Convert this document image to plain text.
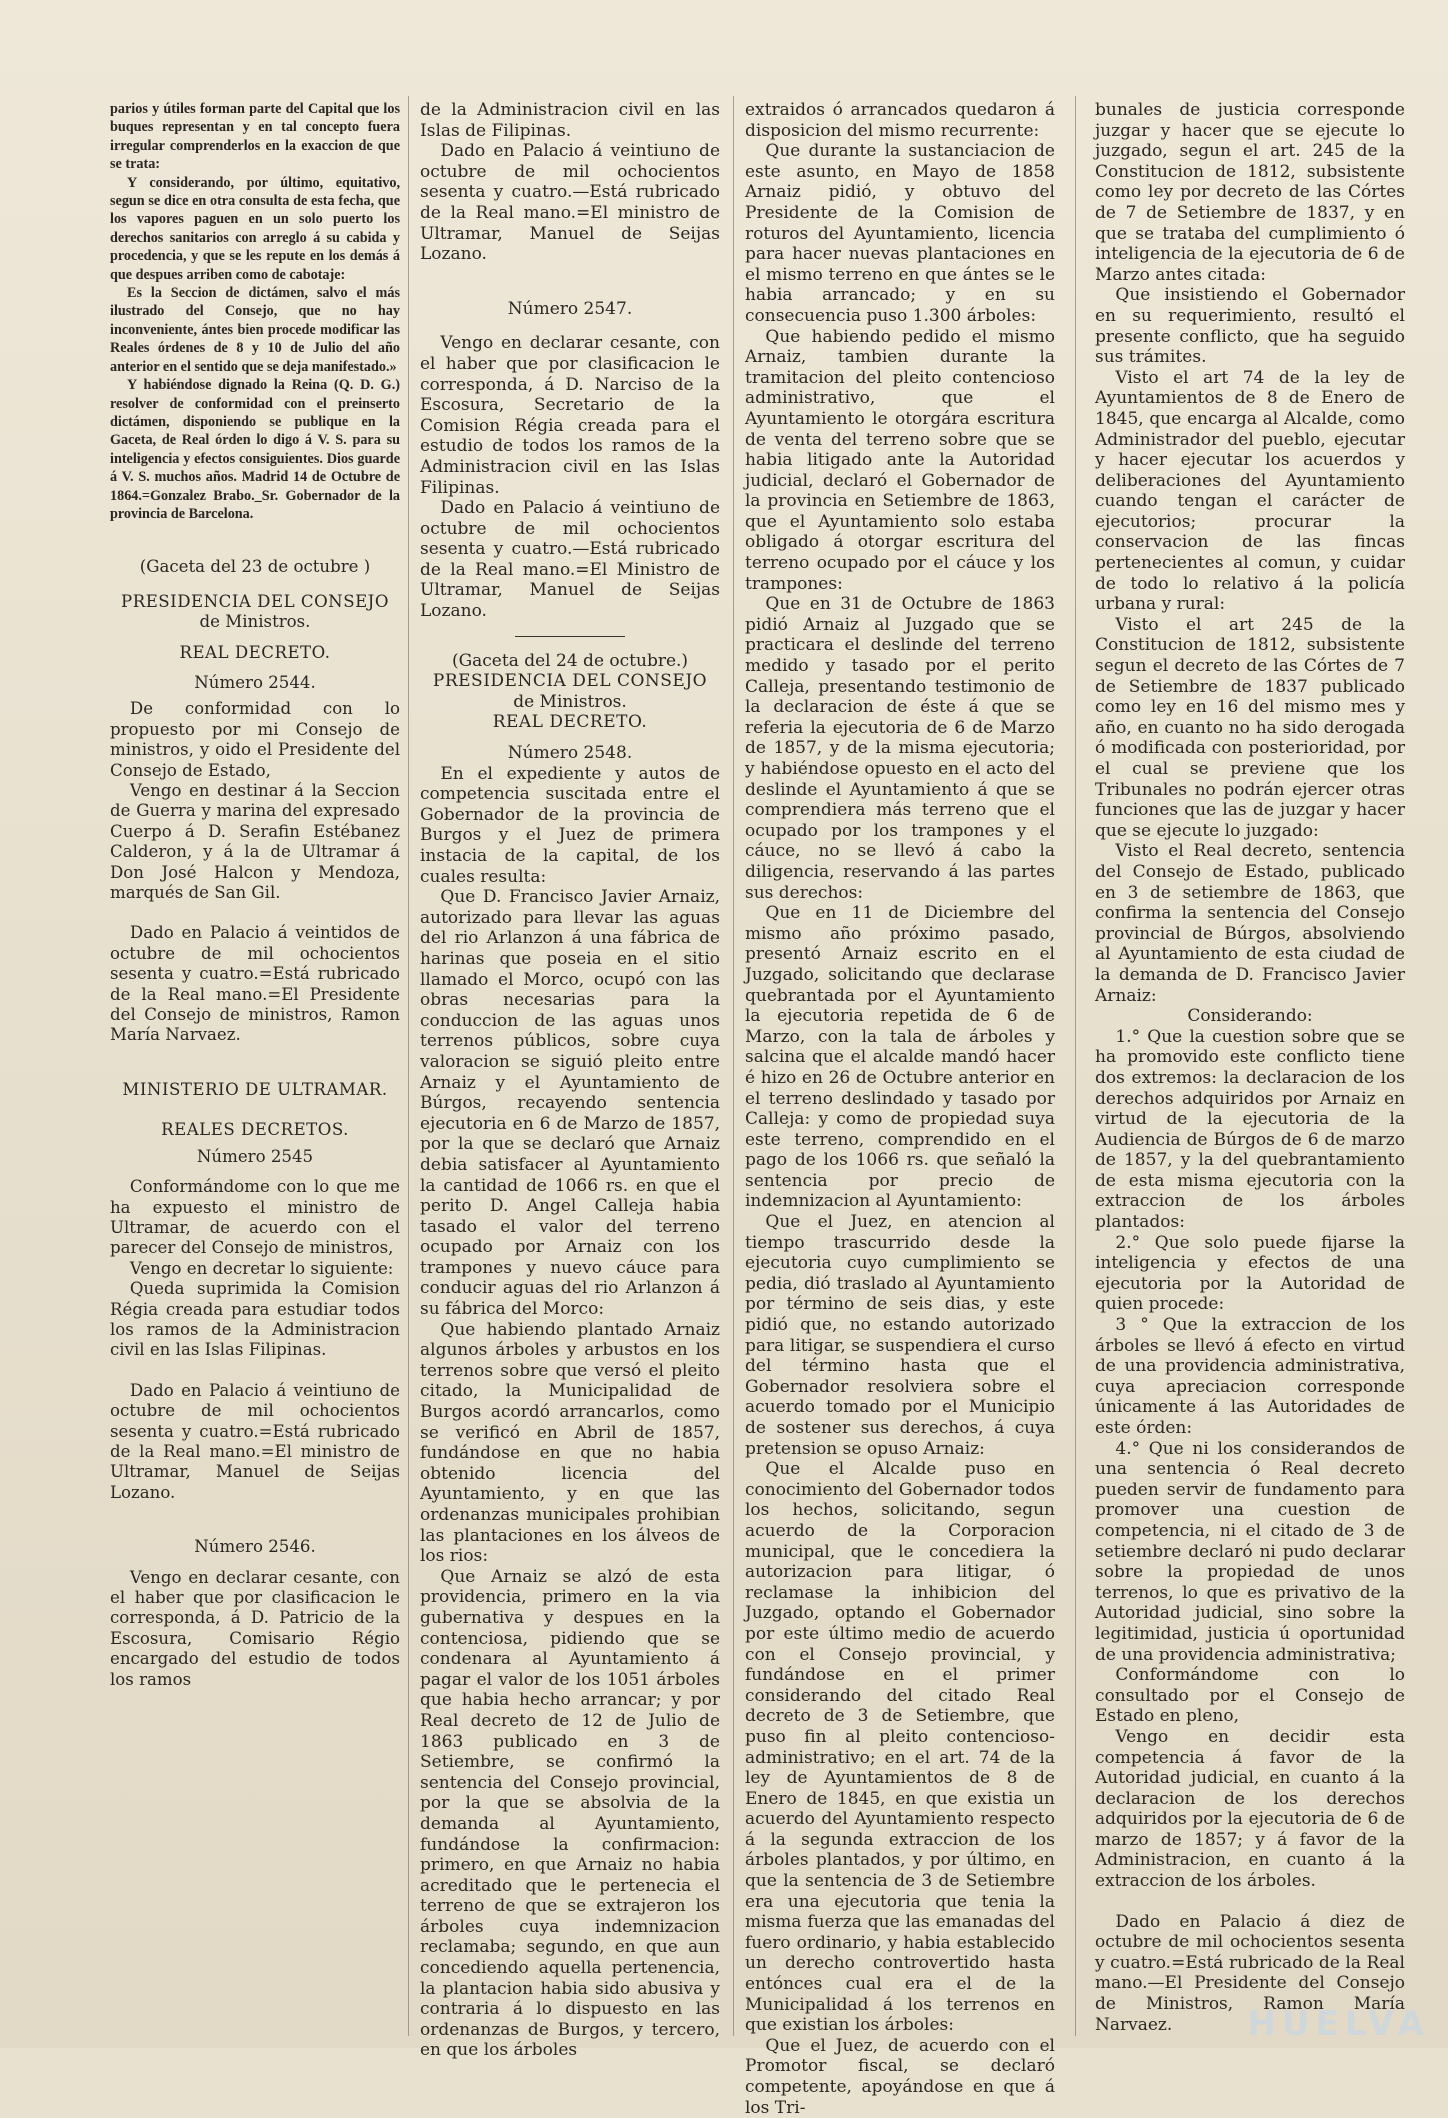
parios y útiles forman parte del Capital que los buques representan y en tal concepto fuera irregular comprenderlos en la exaccion de que se trata:

Y considerando, por último, equitativo, segun se dice en otra consulta de esta fecha, que los vapores paguen en un solo puerto los derechos sanitarios con arreglo á su cabida y procedencia, y que se les repute en los demás á que despues arriben como de cabotaje:

Es la Seccion de dictámen, salvo el más ilustrado del Consejo, que no hay inconveniente, ántes bien procede modificar las Reales órdenes de 8 y 10 de Julio del año anterior en el sentido que se deja manifestado.»

Y habiéndose dignado la Reina (Q. D. G.) resolver de conformidad con el preinserto dictámen, disponiendo se publique en la Gaceta, de Real órden lo digo á V. S. para su inteligencia y efectos consiguientes. Dios guarde á V. S. muchos años. Madrid 14 de Octubre de 1864.=Gonzalez Brabo._Sr. Gobernador de la provincia de Barcelona.

(Gaceta del 23 de octubre )

PRESIDENCIA DEL CONSEJO

de Ministros.

REAL DECRETO.

Número 2544.

De conformidad con lo propuesto por mi Consejo de ministros, y oido el Presidente del Consejo de Estado,

Vengo en destinar á la Seccion de Guerra y marina del expresado Cuerpo á D. Serafin Estébanez Calderon, y á la de Ultramar á Don José Halcon y Mendoza, marqués de San Gil.

Dado en Palacio á veintidos de octubre de mil ochocientos sesenta y cuatro.=Está rubricado de la Real mano.=El Presidente del Consejo de ministros, Ramon María Narvaez.

MINISTERIO DE ULTRAMAR.

REALES DECRETOS.

Número 2545

Conformándome con lo que me ha expuesto el ministro de Ultramar, de acuerdo con el parecer del Consejo de ministros,

Vengo en decretar lo siguiente:

Queda suprimida la Comision Régia creada para estudiar todos los ramos de la Administracion civil en las Islas Filipinas.

Dado en Palacio á veintiuno de octubre de mil ochocientos sesenta y cuatro.=Está rubricado de la Real mano.=El ministro de Ultramar, Manuel de Seijas Lozano.

Número 2546.

Vengo en declarar cesante, con el haber que por clasificacion le corresponda, á D. Patricio de la Escosura, Comisario Régio encargado del estudio de todos los ramos

de la Administracion civil en las Islas de Filipinas.

Dado en Palacio á veintiuno de octubre de mil ochocientos sesenta y cuatro.—Está rubricado de la Real mano.=El ministro de Ultramar, Manuel de Seijas Lozano.

Número 2547.

Vengo en declarar cesante, con el haber que por clasificacion le corresponda, á D. Narciso de la Escosura, Secretario de la Comision Régia creada para el estudio de todos los ramos de la Administracion civil en las Islas Filipinas.

Dado en Palacio á veintiuno de octubre de mil ochocientos sesenta y cuatro.—Está rubricado de la Real mano.=El Ministro de Ultramar, Manuel de Seijas Lozano.

(Gaceta del 24 de octubre.)

PRESIDENCIA DEL CONSEJO

de Ministros.

REAL DECRETO.

Número 2548.

En el expediente y autos de competencia suscitada entre el Gobernador de la provincia de Burgos y el Juez de primera instacia de la capital, de los cuales resulta:

Que D. Francisco Javier Arnaiz, autorizado para llevar las aguas del rio Arlanzon á una fábrica de harinas que poseia en el sitio llamado el Morco, ocupó con las obras necesarias para la conduccion de las aguas unos terrenos públicos, sobre cuya valoracion se siguió pleito entre Arnaiz y el Ayuntamiento de Búrgos, recayendo sentencia ejecutoria en 6 de Marzo de 1857, por la que se declaró que Arnaiz debia satisfacer al Ayuntamiento la cantidad de 1066 rs. en que el perito D. Angel Calleja habia tasado el valor del terreno ocupado por Arnaiz con los trampones y nuevo cáuce para conducir aguas del rio Arlanzon á su fábrica del Morco:

Que habiendo plantado Arnaiz algunos árboles y arbustos en los terrenos sobre que versó el pleito citado, la Municipalidad de Burgos acordó arrancarlos, como se verificó en Abril de 1857, fundándose en que no habia obtenido licencia del Ayuntamiento, y en que las ordenanzas municipales prohibian las plantaciones en los álveos de los rios:

Que Arnaiz se alzó de esta providencia, primero en la via gubernativa y despues en la contenciosa, pidiendo que se condenara al Ayuntamiento á pagar el valor de los 1051 árboles que habia hecho arrancar; y por Real decreto de 12 de Julio de 1863 publicado en 3 de Setiembre, se confirmó la sentencia del Consejo provincial, por la que se absolvia de la demanda al Ayuntamiento, fundándose la confirmacion: primero, en que Arnaiz no habia acreditado que le pertenecia el terreno de que se extrajeron los árboles cuya indemnizacion reclamaba; segundo, en que aun concediendo aquella pertenencia, la plantacion habia sido abusiva y contraria á lo dispuesto en las ordenanzas de Burgos, y tercero, en que los árboles

extraidos ó arrancados quedaron á disposicion del mismo recurrente:

Que durante la sustanciacion de este asunto, en Mayo de 1858 Arnaiz pidió, y obtuvo del Presidente de la Comision de roturos del Ayuntamiento, licencia para hacer nuevas plantaciones en el mismo terreno en que ántes se le habia arrancado; y en su consecuencia puso 1.300 árboles:

Que habiendo pedido el mismo Arnaiz, tambien durante la tramitacion del pleito contencioso administrativo, que el Ayuntamiento le otorgára escritura de venta del terreno sobre que se habia litigado ante la Autoridad judicial, declaró el Gobernador de la provincia en Setiembre de 1863, que el Ayuntamiento solo estaba obligado á otorgar escritura del terreno ocupado por el cáuce y los trampones:

Que en 31 de Octubre de 1863 pidió Arnaiz al Juzgado que se practicara el deslinde del terreno medido y tasado por el perito Calleja, presentando testimonio de la declaracion de éste á que se referia la ejecutoria de 6 de Marzo de 1857, y de la misma ejecutoria; y habiéndose opuesto en el acto del deslinde el Ayuntamiento á que se comprendiera más terreno que el ocupado por los trampones y el cáuce, no se llevó á cabo la diligencia, reservando á las partes sus derechos:

Que en 11 de Diciembre del mismo año próximo pasado, presentó Arnaiz escrito en el Juzgado, solicitando que declarase quebrantada por el Ayuntamiento la ejecutoria repetida de 6 de Marzo, con la tala de árboles y salcina que el alcalde mandó hacer é hizo en 26 de Octubre anterior en el terreno deslindado y tasado por Calleja: y como de propiedad suya este terreno, comprendido en el pago de los 1066 rs. que señaló la sentencia por precio de indemnizacion al Ayuntamiento:

Que el Juez, en atencion al tiempo trascurrido desde la ejecutoria cuyo cumplimiento se pedia, dió traslado al Ayuntamiento por término de seis dias, y este pidió que, no estando autorizado para litigar, se suspendiera el curso del término hasta que el Gobernador resolviera sobre el acuerdo tomado por el Municipio de sostener sus derechos, á cuya pretension se opuso Arnaiz:

Que el Alcalde puso en conocimiento del Gobernador todos los hechos, solicitando, segun acuerdo de la Corporacion municipal, que le concediera la autorizacion para litigar, ó reclamase la inhibicion del Juzgado, optando el Gobernador por este último medio de acuerdo con el Consejo provincial, y fundándose en el primer considerando del citado Real decreto de 3 de Setiembre, que puso fin al pleito contencioso-administrativo; en el art. 74 de la ley de Ayuntamientos de 8 de Enero de 1845, en que existia un acuerdo del Ayuntamiento respecto á la segunda extraccion de los árboles plantados, y por último, en que la sentencia de 3 de Setiembre era una ejecutoria que tenia la misma fuerza que las emanadas del fuero ordinario, y habia establecido un derecho controvertido hasta entónces cual era el de la Municipalidad á los terrenos en que existian los árboles:

Que el Juez, de acuerdo con el Promotor fiscal, se declaró competente, apoyándose en que á los Tri-

bunales de justicia corresponde juzgar y hacer que se ejecute lo juzgado, segun el art. 245 de la Constitucion de 1812, subsistente como ley por decreto de las Córtes de 7 de Setiembre de 1837, y en que se trataba del cumplimiento ó inteligencia de la ejecutoria de 6 de Marzo antes citada:

Que insistiendo el Gobernador en su requerimiento, resultó el presente conflicto, que ha seguido sus trámites.

Visto el art 74 de la ley de Ayuntamientos de 8 de Enero de 1845, que encarga al Alcalde, como Administrador del pueblo, ejecutar y hacer ejecutar los acuerdos y deliberaciones del Ayuntamiento cuando tengan el carácter de ejecutorios; procurar la conservacion de las fincas pertenecientes al comun, y cuidar de todo lo relativo á la policía urbana y rural:

Visto el art 245 de la Constitucion de 1812, subsistente segun el decreto de las Córtes de 7 de Setiembre de 1837 publicado como ley en 16 del mismo mes y año, en cuanto no ha sido derogada ó modificada con posterioridad, por el cual se previene que los Tribunales no podrán ejercer otras funciones que las de juzgar y hacer que se ejecute lo juzgado:

Visto el Real decreto, sentencia del Consejo de Estado, publicado en 3 de setiembre de 1863, que confirma la sentencia del Consejo provincial de Búrgos, absolviendo al Ayuntamiento de esta ciudad de la demanda de D. Francisco Javier Arnaiz:

Considerando:

1.° Que la cuestion sobre que se ha promovido este conflicto tiene dos extremos: la declaracion de los derechos adquiridos por Arnaiz en virtud de la ejecutoria de la Audiencia de Búrgos de 6 de marzo de 1857, y la del quebrantamiento de esta misma ejecutoria con la extraccion de los árboles plantados:

2.° Que solo puede fijarse la inteligencia y efectos de una ejecutoria por la Autoridad de quien procede:

3 ° Que la extraccion de los árboles se llevó á efecto en virtud de una providencia administrativa, cuya apreciacion corresponde únicamente á las Autoridades de este órden:

4.° Que ni los considerandos de una sentencia ó Real decreto pueden servir de fundamento para promover una cuestion de competencia, ni el citado de 3 de setiembre declaró ni pudo declarar sobre la propiedad de unos terrenos, lo que es privativo de la Autoridad judicial, sino sobre la legitimidad, justicia ú oportunidad de una providencia administrativa;

Conformándome con lo consultado por el Consejo de Estado en pleno,

Vengo en decidir esta competencia á favor de la Autoridad judicial, en cuanto á la declaracion de los derechos adquiridos por la ejecutoria de 6 de marzo de 1857; y á favor de la Administracion, en cuanto á la extraccion de los árboles.

Dado en Palacio á diez de octubre de mil ochocientos sesenta y cuatro.=Está rubricado de la Real mano.—El Presidente del Consejo de Ministros, Ramon María Narvaez.	HUELVA
